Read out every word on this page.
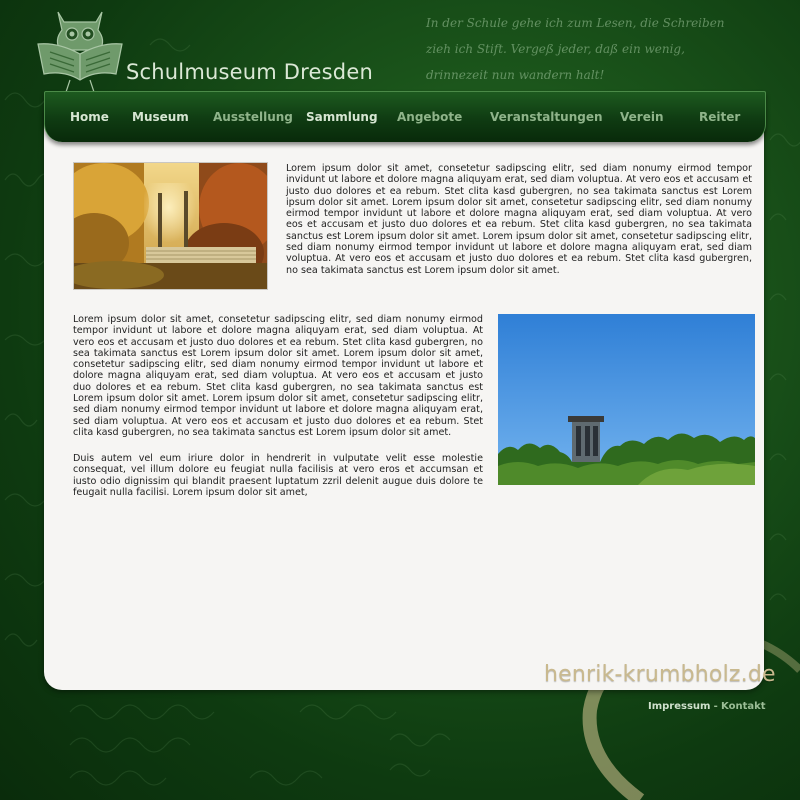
Schulmuseum Dresden
In der Schule gehe ich zum Lesen, die Schreiben
zieh ich Stift. Vergeß jeder, daß ein wenig,
drinnezeit nun wandern halt!
Home Museum Ausstellung Sammlung Angebote Veranstaltungen Verein	Reiter

Lorem ipsum dolor sit amet, consetetur sadipscing elitr, sed diam nonumy eirmod tempor invidunt ut labore et dolore magna aliquyam erat, sed diam voluptua. At vero eos et accusam et justo duo dolores et ea rebum. Stet clita kasd gubergren, no sea takimata sanctus est Lorem ipsum dolor sit amet. Lorem ipsum dolor sit amet, consetetur sadipscing elitr, sed diam nonumy eirmod tempor invidunt ut labore et dolore magna aliquyam erat, sed diam voluptua. At vero eos et accusam et justo duo dolores et ea rebum. Stet clita kasd gubergren, no sea takimata sanctus est Lorem ipsum dolor sit amet. Lorem ipsum dolor sit amet, consetetur sadipscing elitr, sed diam nonumy eirmod tempor invidunt ut labore et dolore magna aliquyam erat, sed diam voluptua. At vero eos et accusam et justo duo dolores et ea rebum. Stet clita kasd gubergren, no sea takimata sanctus est Lorem ipsum dolor sit amet.

Lorem ipsum dolor sit amet, consetetur sadipscing elitr, sed diam nonumy eirmod tempor invidunt ut labore et dolore magna aliquyam erat, sed diam voluptua. At vero eos et accusam et justo duo dolores et ea rebum. Stet clita kasd gubergren, no sea takimata sanctus est Lorem ipsum dolor sit amet. Lorem ipsum dolor sit amet, consetetur sadipscing elitr, sed diam nonumy eirmod tempor invidunt ut labore et dolore magna aliquyam erat, sed diam voluptua. At vero eos et accusam et justo duo dolores et ea rebum. Stet clita kasd gubergren, no sea takimata sanctus est Lorem ipsum dolor sit amet. Lorem ipsum dolor sit amet, consetetur sadipscing elitr, sed diam nonumy eirmod tempor invidunt ut labore et dolore magna aliquyam erat, sed diam voluptua. At vero eos et accusam et justo duo dolores et ea rebum. Stet clita kasd gubergren, no sea takimata sanctus est Lorem ipsum dolor sit amet.

Duis autem vel eum iriure dolor in hendrerit in vulputate velit esse molestie consequat, vel illum dolore eu feugiat nulla facilisis at vero eros et accumsan et iusto odio dignissim qui blandit praesent luptatum zzril delenit augue duis dolore te feugait nulla facilisi. Lorem ipsum dolor sit amet,

henrik-krumbholz.de
Impressum - Kontakt
